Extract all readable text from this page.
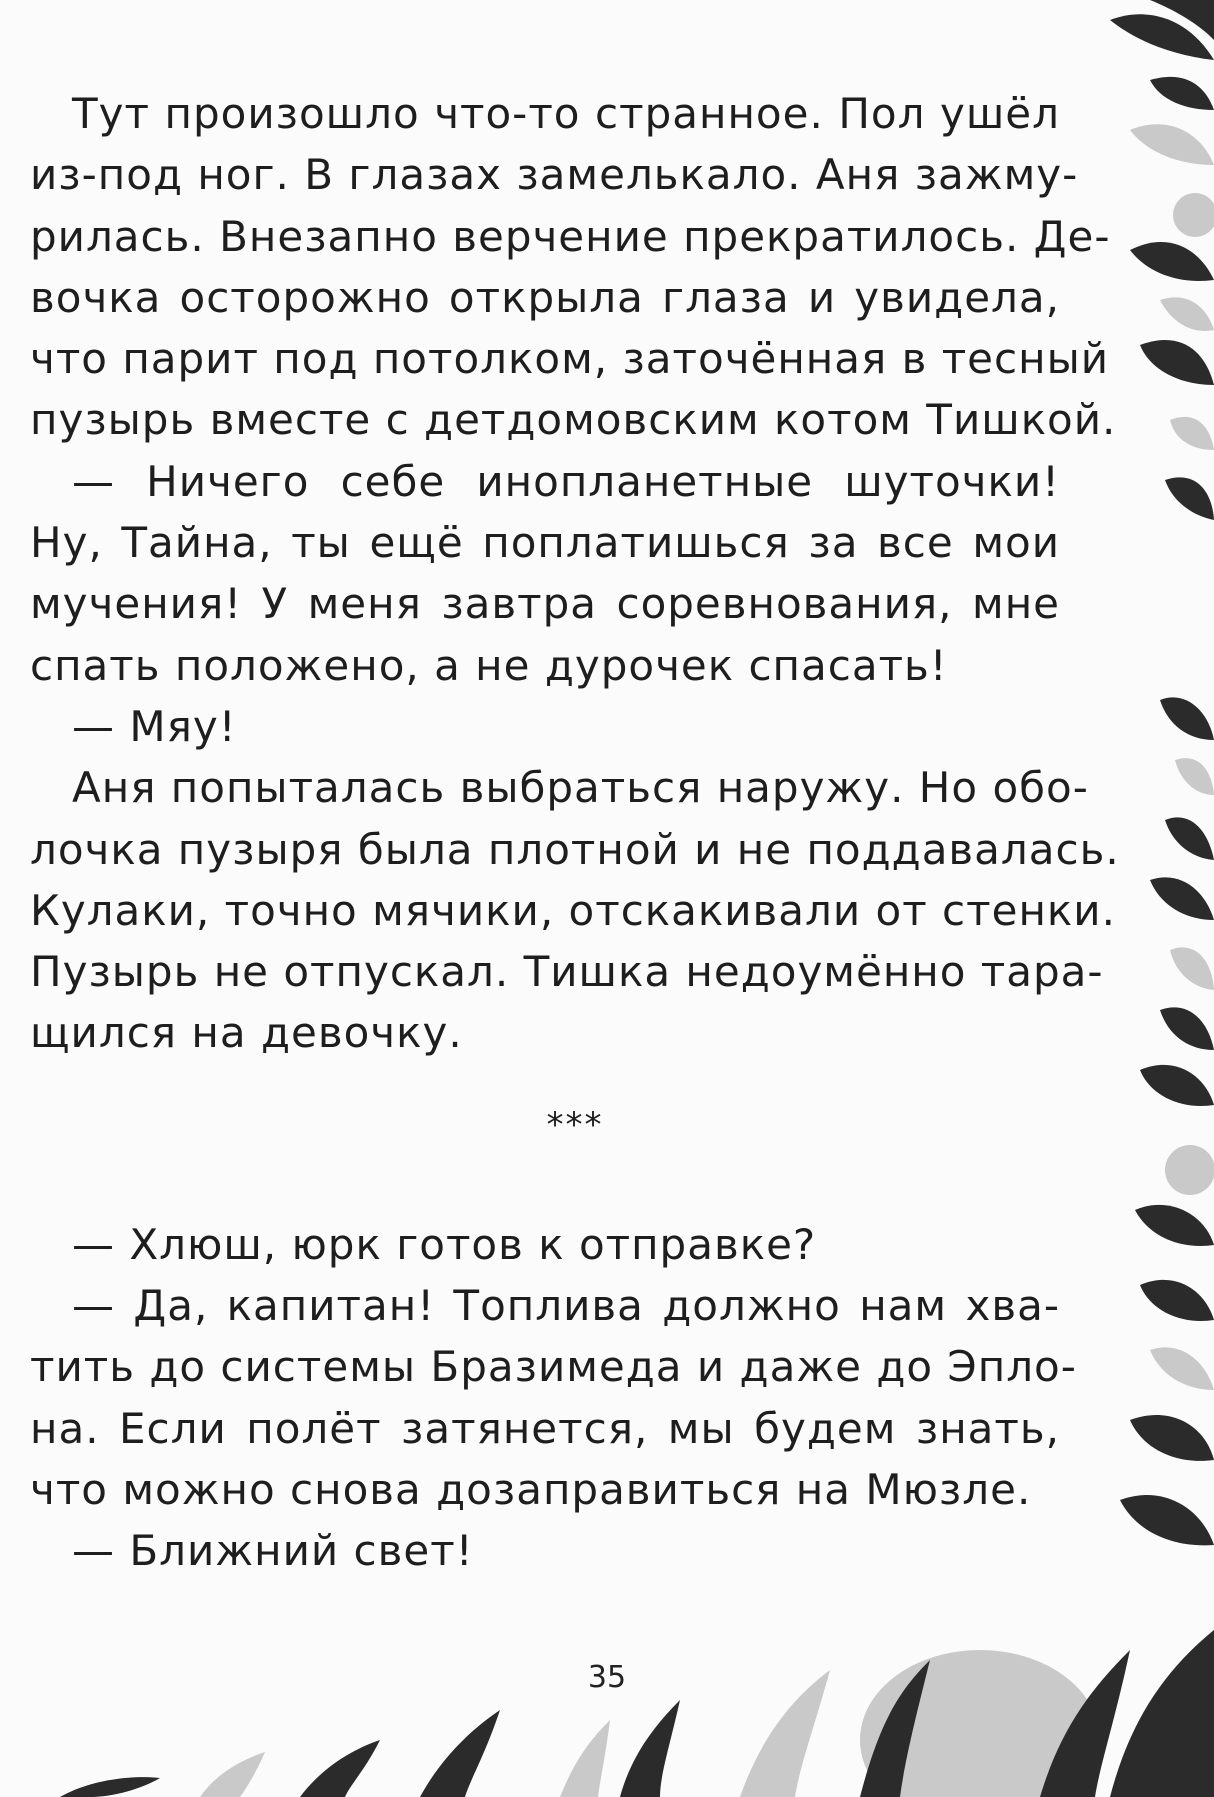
Тут произошло что-то странное. Пол ушёл
из-под ног. В глазах замелькало. Аня зажму-
рилась. Внезапно верчение прекратилось. Де-
вочка осторожно открыла глаза и увидела,
что парит под потолком, заточённая в тесный
пузырь вместе с детдомовским котом Тишкой.
— Ничего себе инопланетные шуточки!
Ну, Тайна, ты ещё поплатишься за все мои
мучения! У меня завтра соревнования, мне
спать положено, а не дурочек спасать!
— Мяу!
Аня попыталась выбраться наружу. Но обо-
лочка пузыря была плотной и не поддавалась.
Кулаки, точно мячики, отскакивали от стенки.
Пузырь не отпускал. Тишка недоумённо тара-
щился на девочку.
***
— Хлюш, юрк готов к отправке?
— Да, капитан! Топлива должно нам хва-
тить до системы Бразимеда и даже до Эпло-
на. Если полёт затянется, мы будем знать,
что можно снова дозаправиться на Мюзле.
— Ближний свет!
35
